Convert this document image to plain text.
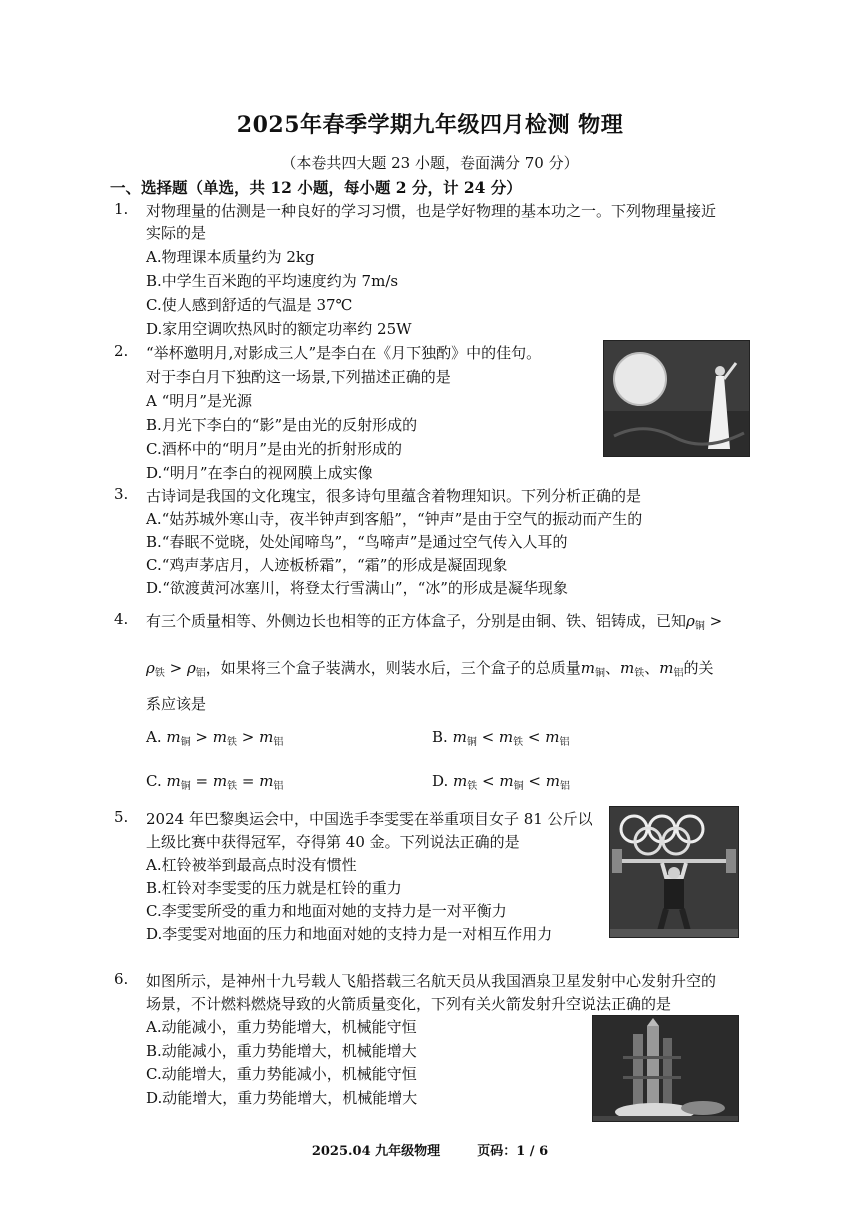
2025年春季学期九年级四月检测 物理
（本卷共四大题 23 小题，卷面满分 70 分）
一、选择题（单选，共 12 小题，每小题 2 分，计 24 分）
1. 对物理量的估测是一种良好的学习习惯，也是学好物理的基本功之一。下列物理量接近
实际的是
A.物理课本质量约为 2kg
B.中学生百米跑的平均速度约为 7m/s
C.使人感到舒适的气温是 37℃
D.家用空调吹热风时的额定功率约 25W
2. “举杯邀明月,对影成三人”是李白在《月下独酌》中的佳句。
对于李白月下独酌这一场景,下列描述正确的是
A “明月”是光源
B.月光下李白的“影”是由光的反射形成的
C.酒杯中的“明月”是由光的折射形成的
D.“明月”在李白的视网膜上成实像
3. 古诗词是我国的文化瑰宝，很多诗句里蕴含着物理知识。下列分析正确的是
A.“姑苏城外寒山寺，夜半钟声到客船”，“钟声”是由于空气的振动而产生的
B.“春眠不觉晓，处处闻啼鸟”，“鸟啼声”是通过空气传入人耳的
C.“鸡声茅店月，人迹板桥霜”，“霜”的形成是凝固现象
D.“欲渡黄河冰塞川，将登太行雪满山”，“冰”的形成是凝华现象
4. 有三个质量相等、外侧边长也相等的正方体盒子，分别是由铜、铁、铝铸成，已知$\rho_铜$ >
$\rho_铁 > \rho_铝$，如果将三个盒子装满水，则装水后，三个盒子的总质量$m_铜$、$m_铁$、$m_铝$的关
系应该是
A. $m_铜 > m_铁 > m_铝$	B. $m_铜 < m_铁 < m_铝$
C. $m_铜 = m_铁 = m_铝$	D. $m_铁 < m_铜 < m_铝$
5. 2024 年巴黎奥运会中，中国选手李雯雯在举重项目女子 81 公斤以
上级比赛中获得冠军，夺得第 40 金。下列说法正确的是
A.杠铃被举到最高点时没有惯性
B.杠铃对李雯雯的压力就是杠铃的重力
C.李雯雯所受的重力和地面对她的支持力是一对平衡力
D.李雯雯对地面的压力和地面对她的支持力是一对相互作用力
6. 如图所示，是神州十九号载人飞船搭载三名航天员从我国酒泉卫星发射中心发射升空的
场景，不计燃料燃烧导致的火箭质量变化，下列有关火箭发射升空说法正确的是
A.动能减小，重力势能增大，机械能守恒
B.动能减小，重力势能增大，机械能增大
C.动能增大，重力势能减小，机械能守恒
D.动能增大，重力势能增大，机械能增大
2025.04 九年级物理	页码：1 / 6
